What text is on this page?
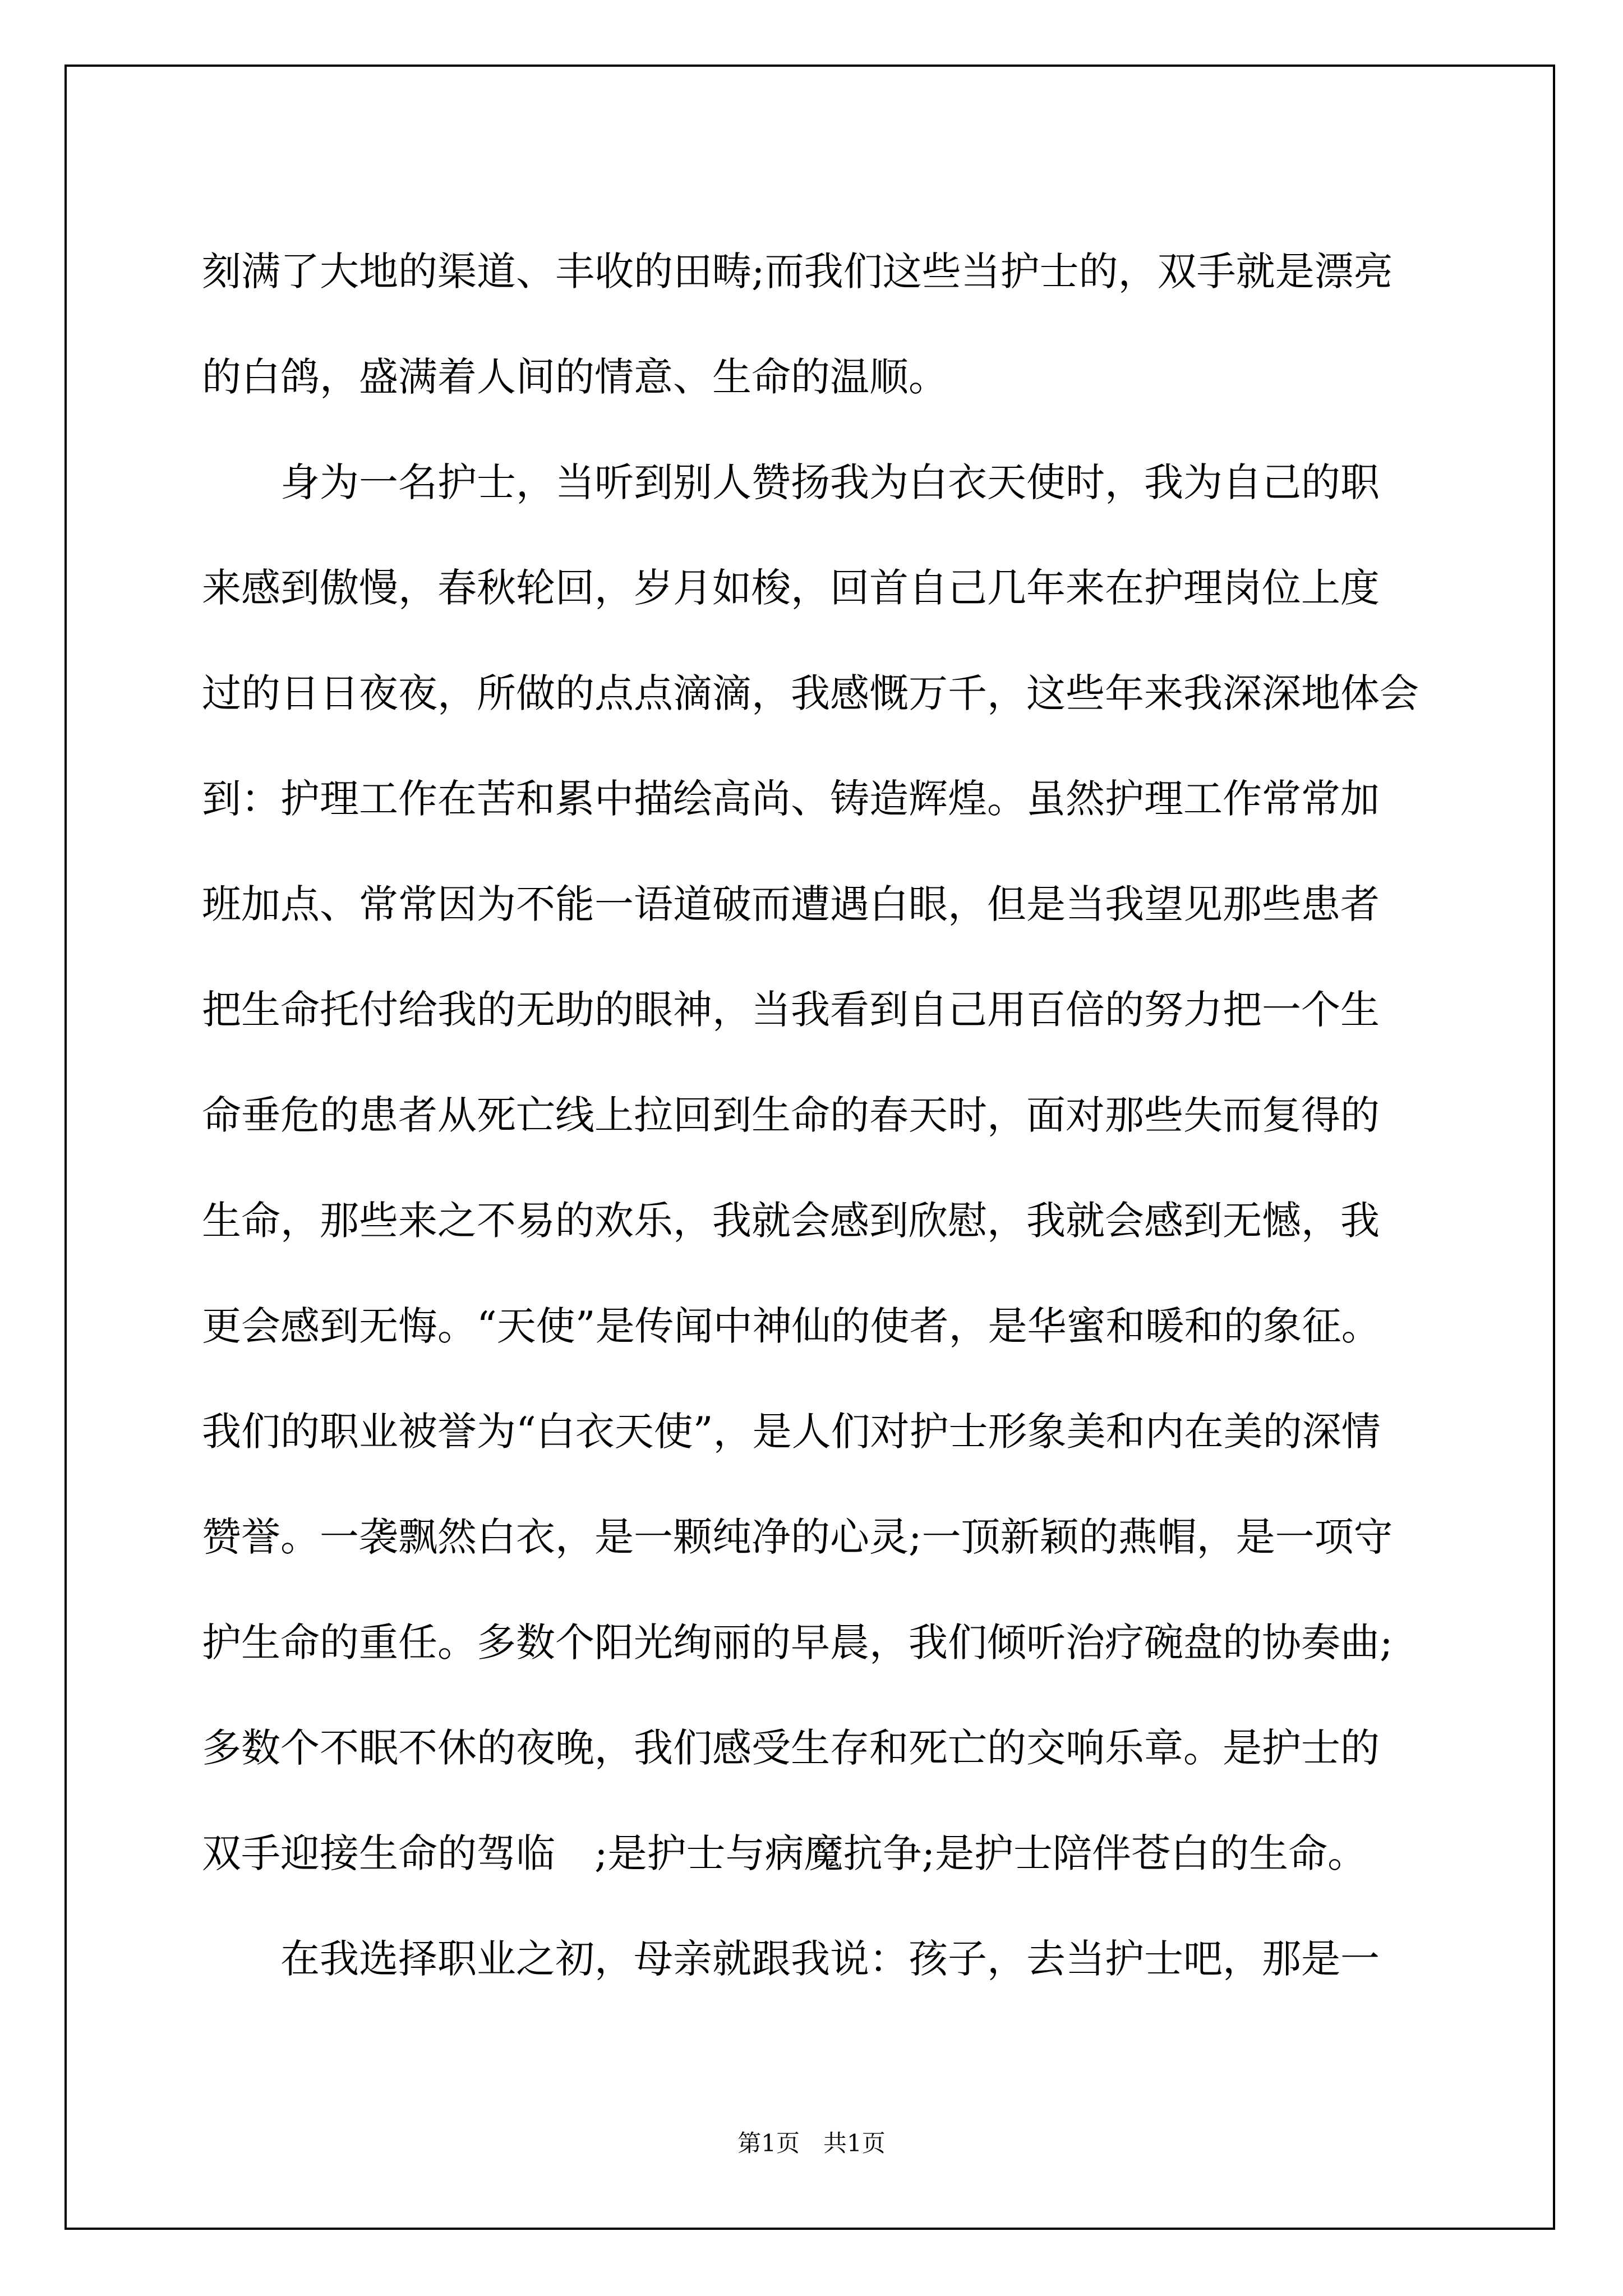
刻满了大地的渠道、丰收的田畴;而我们这些当护士的，双手就是漂亮
的白鸽，盛满着人间的情意、生命的温顺。
身为一名护士，当听到别人赞扬我为白衣天使时，我为自己的职
来感到傲慢，春秋轮回，岁月如梭，回首自己几年来在护理岗位上度
过的日日夜夜，所做的点点滴滴，我感慨万千，这些年来我深深地体会
到：护理工作在苦和累中描绘高尚、铸造辉煌。虽然护理工作常常加
班加点、常常因为不能一语道破而遭遇白眼，但是当我望见那些患者
把生命托付给我的无助的眼神，当我看到自己用百倍的努力把一个生
命垂危的患者从死亡线上拉回到生命的春天时，面对那些失而复得的
生命，那些来之不易的欢乐，我就会感到欣慰，我就会感到无憾，我
更会感到无悔。“天使”是传闻中神仙的使者，是华蜜和暖和的象征。
我们的职业被誉为“白衣天使”，是人们对护士形象美和内在美的深情
赞誉。一袭飘然白衣，是一颗纯净的心灵;一顶新颖的燕帽，是一项守
护生命的重任。多数个阳光绚丽的早晨，我们倾听治疗碗盘的协奏曲;
多数个不眠不休的夜晚，我们感受生存和死亡的交响乐章。是护士的
双手迎接生命的驾临　;是护士与病魔抗争;是护士陪伴苍白的生命。
在我选择职业之初，母亲就跟我说：孩子，去当护士吧，那是一
第1页　共1页
